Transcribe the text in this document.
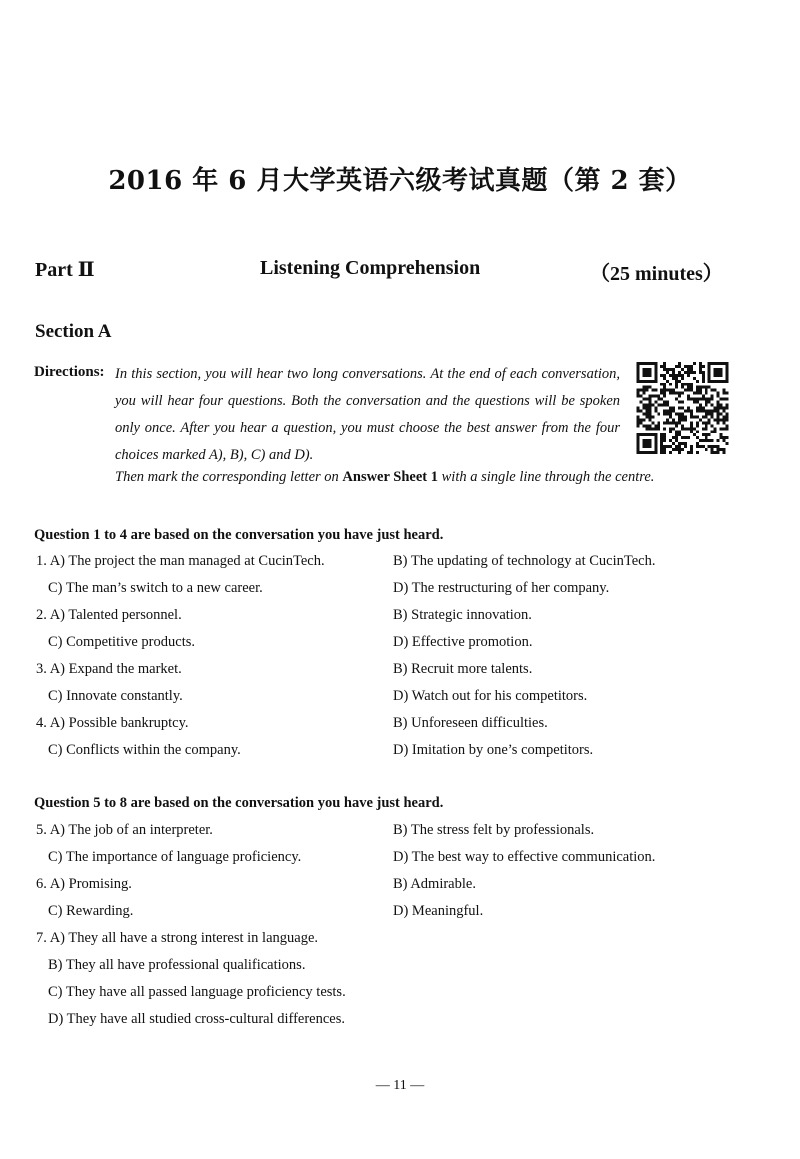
2016 年 6 月大学英语六级考试真题（第 2 套）
Part Ⅱ	Listening Comprehension	（25 minutes）
Section A
Directions: In this section, you will hear two long conversations. At the end of each conversation, you will hear four questions. Both the conversation and the questions will be spoken only once. After you hear a question, you must choose the best answer from the four choices marked A), B), C) and D).
Then mark the corresponding letter on Answer Sheet 1 with a single line through the centre.
Question 1 to 4 are based on the conversation you have just heard.
1. A) The project the man managed at CucinTech.	B) The updating of technology at CucinTech.
C) The man’s switch to a new career.	D) The restructuring of her company.
2. A) Talented personnel.	B) Strategic innovation.
C) Competitive products.	D) Effective promotion.
3. A) Expand the market.	B) Recruit more talents.
C) Innovate constantly.	D) Watch out for his competitors.
4. A) Possible bankruptcy.	B) Unforeseen difficulties.
C) Conflicts within the company.	D) Imitation by one’s competitors.
Question 5 to 8 are based on the conversation you have just heard.
5. A) The job of an interpreter.	B) The stress felt by professionals.
C) The importance of language proficiency.	D) The best way to effective communication.
6. A) Promising.	B) Admirable.
C) Rewarding.	D) Meaningful.
7. A) They all have a strong interest in language.
B) They all have professional qualifications.
C) They have all passed language proficiency tests.
D) They have all studied cross-cultural differences.
— 11 —
